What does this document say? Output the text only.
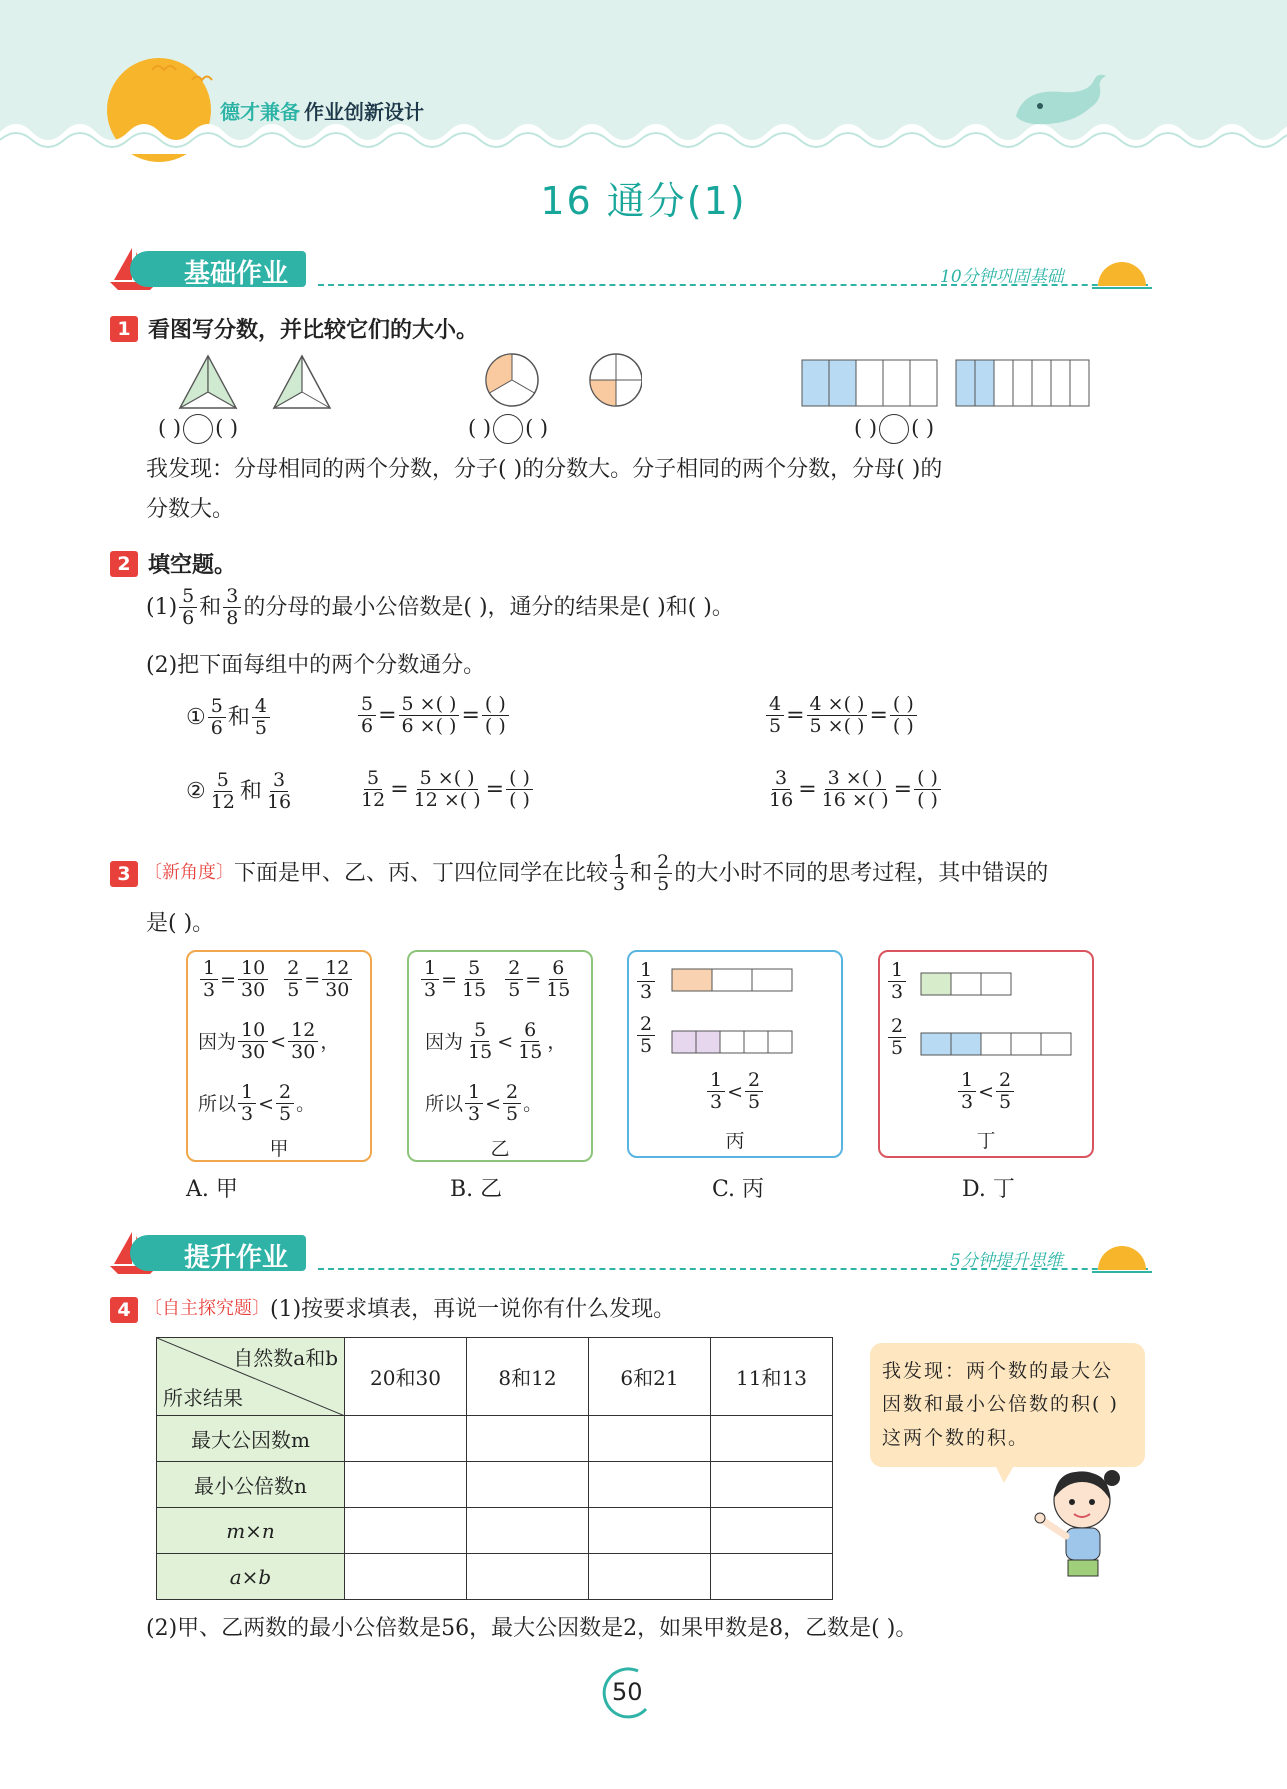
德才兼备 作业创新设计
16 通分(1)
基础作业	10分钟巩固基础
1 看图写分数，并比较它们的大小。
( ) ( )	( ) ( )	( ) ( )
我发现：分母相同的两个分数，分子( )的分数大。分子相同的两个分数，分母( )的
分数大。
2 填空题。
$(1) \frac{5}{6}$ 和 $\frac{3}{8}$ 的分母的最小公倍数是( )，通分的结果是( )和( )。
(2)把下面每组中的两个分数通分。
① $\frac{5}{6}$ 和 $\frac{4}{5}$	$\frac{5}{6} = \frac{5 \times( )}{6 \times( )} = \frac{( )}{( )}$	$\frac{4}{5} = \frac{4 \times( )}{5 \times( )} = \frac{( )}{( )}$
② $\frac{5}{12}$ 和 $\frac{3}{16}$	$\frac{5}{12} = \frac{5 \times( )}{12 \times( )} = \frac{( )}{( )}$	$\frac{3}{16} = \frac{3 \times( )}{16 \times( )} = \frac{( )}{( )}$
3 〔新角度〕 下面是甲、乙、丙、丁四位同学在比较 $\frac{1}{3}$ 和 $\frac{2}{5}$ 的大小时不同的思考过程，其中错误的
是( )。
$\frac{1}{3} = \frac{10}{30} \frac{2}{5} = \frac{12}{30}$
因为 $\frac{10}{30} < \frac{12}{30}$ ，
所以 $\frac{1}{3} < \frac{2}{5}$ 。
甲
$\frac{1}{3} = \frac{5}{15} \frac{2}{5} = \frac{6}{15}$
因为 $\frac{5}{15} < \frac{6}{15}$ ，
所以 $\frac{1}{3} < \frac{2}{5}$ 。
乙
$\frac{1}{3}$
$\frac{2}{5}$
$\frac{1}{3} < \frac{2}{5}$
丙
$\frac{1}{3}$
$\frac{2}{5}$
$\frac{1}{3} < \frac{2}{5}$
丁
A. 甲	B. 乙	C. 丙	D. 丁
提升作业	5分钟提升思维
4 〔自主探究题〕 (1)按要求填表，再说一说你有什么发现。
自然数a和b
所求结果	20和30	8和12	6和21	11和13
最大公因数m				
最小公倍数n				
m×n				
a×b				
我发现：两个数的最大公因数和最小公倍数的积( )这两个数的积。
(2)甲、乙两数的最小公倍数是56，最大公因数是2，如果甲数是8，乙数是( )。
50
